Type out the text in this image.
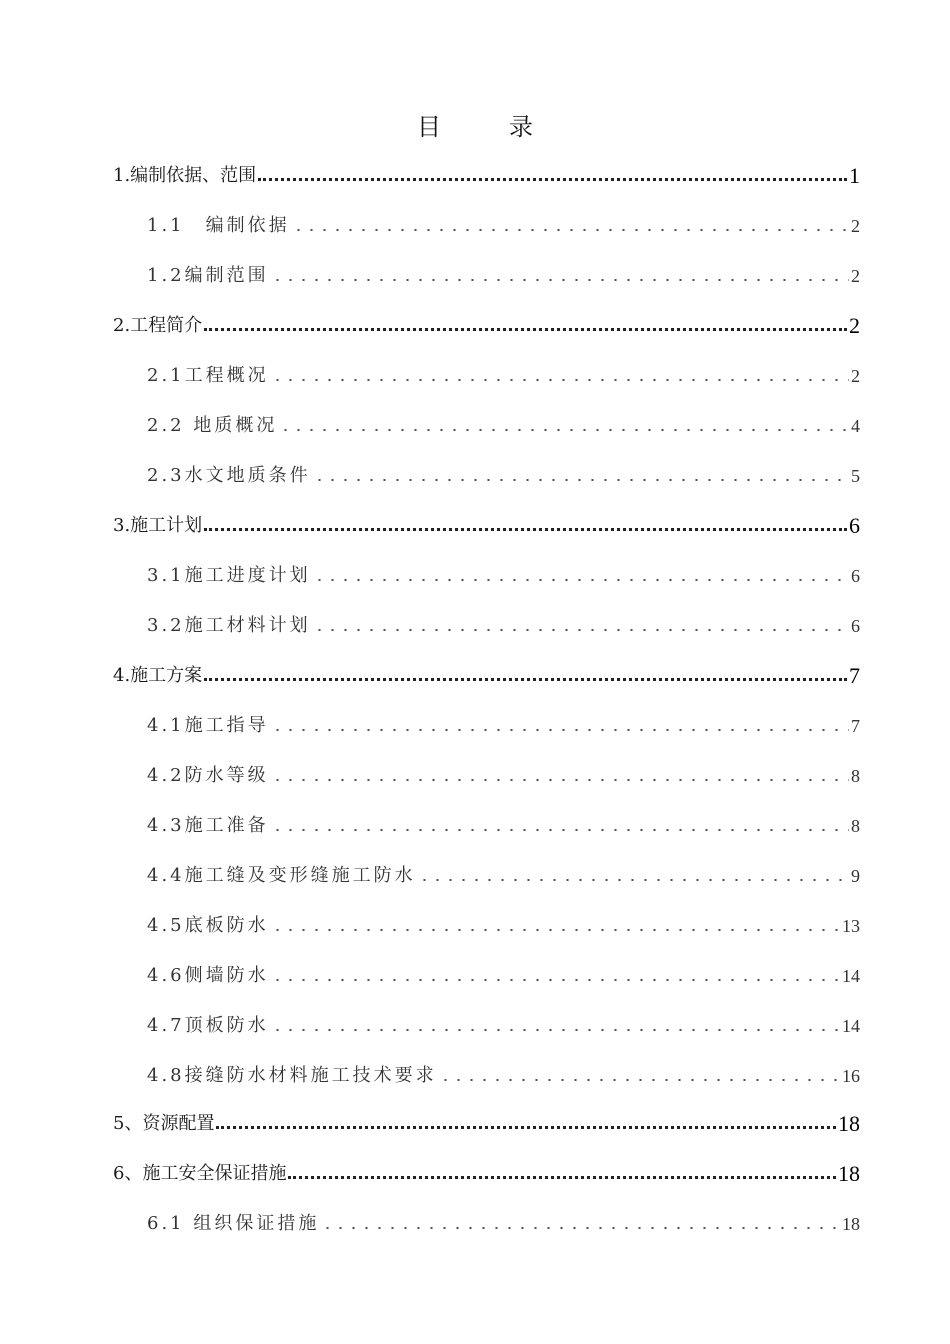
目　录
1.编制依据、范围	1
1.1　编制依据	2
1.2编制范围	2
2.工程简介	2
2.1工程概况	2
2.2 地质概况	4
2.3水文地质条件	5
3.施工计划	6
3.1施工进度计划	6
3.2施工材料计划	6
4.施工方案	7
4.1施工指导	7
4.2防水等级	8
4.3施工准备	8
4.4施工缝及变形缝施工防水	9
4.5底板防水	13
4.6侧墙防水	14
4.7顶板防水	14
4.8接缝防水材料施工技术要求	16
5、资源配置	18
6、施工安全保证措施	18
6.1 组织保证措施	18
